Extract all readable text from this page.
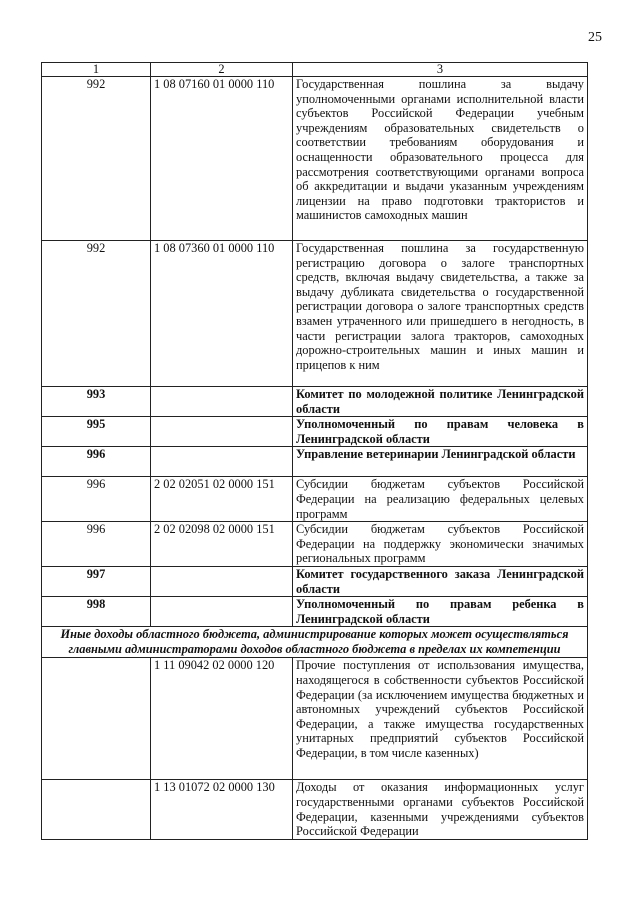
25
1	2	3
992	1 08 07160 01 0000 110	Государственная пошлина за выдачу уполномоченными органами исполнительной власти субъектов Российской Федерации учебным учреждениям образовательных свидетельств о соответствии требованиям оборудования и оснащенности образовательного процесса для рассмотрения соответствующими органами вопроса об аккредитации и выдачи указанным учреждениям лицензии на право подготовки трактористов и машинистов самоходных машин
992	1 08 07360 01 0000 110	Государственная пошлина за государственную регистрацию договора о залоге транспортных средств, включая выдачу свидетельства, а также за выдачу дубликата свидетельства о государственной регистрации договора о залоге транспортных средств взамен утраченного или пришедшего в негодность, в части регистрации залога тракторов, самоходных дорожно-строительных машин и иных машин и прицепов к ним
993		Комитет по молодежной политике Ленинградской области
995		Уполномоченный по правам человека в Ленинградской области
996		Управление ветеринарии Ленинградской области
996	2 02 02051 02 0000 151	Субсидии бюджетам субъектов Российской Федерации на реализацию федеральных целевых программ
996	2 02 02098 02 0000 151	Субсидии бюджетам субъектов Российской Федерации на поддержку экономически значимых региональных программ
997		Комитет государственного заказа Ленинградской области
998		Уполномоченный по правам ребенка в Ленинградской области
Иные доходы областного бюджета, администрирование которых может осуществляться главными администраторами доходов областного бюджета в пределах их компетенции		
	1 11 09042 02 0000 120	Прочие поступления от использования имущества, находящегося в собственности субъектов Российской Федерации (за исключением имущества бюджетных и автономных учреждений субъектов Российской Федерации, а также имущества государственных унитарных предприятий субъектов Российской Федерации, в том числе казенных)
	1 13 01072 02 0000 130	Доходы от оказания информационных услуг государственными органами субъектов Российской Федерации, казенными учреждениями субъектов Российской Федерации
